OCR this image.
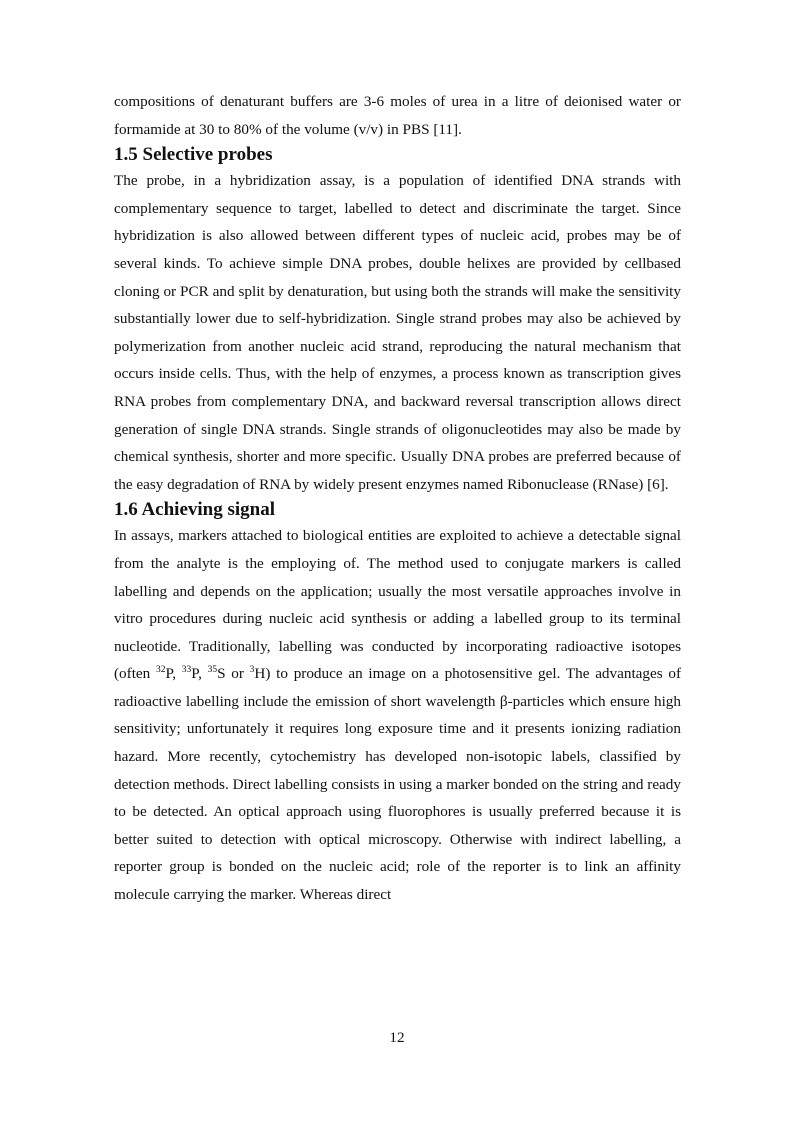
compositions of denaturant buffers are 3-6 moles of urea in a litre of deionised water or formamide at 30 to 80% of the volume (v/v) in PBS [11].

1.5 Selective probes

The probe, in a hybridization assay, is a population of identified DNA strands with complementary sequence to target, labelled to detect and discriminate the target. Since hybridization is also allowed between different types of nucleic acid, probes may be of several kinds. To achieve simple DNA probes, double helixes are provided by cellbased cloning or PCR and split by denaturation, but using both the strands will make the sensitivity substantially lower due to self-hybridization. Single strand probes may also be achieved by polymerization from another nucleic acid strand, reproducing the natural mechanism that occurs inside cells. Thus, with the help of enzymes, a process known as transcription gives RNA probes from complementary DNA, and backward reversal transcription allows direct generation of single DNA strands. Single strands of oligonucleotides may also be made by chemical synthesis, shorter and more specific. Usually DNA probes are preferred because of the easy degradation of RNA by widely present enzymes named Ribonuclease (RNase) [6].

1.6 Achieving signal

In assays, markers attached to biological entities are exploited to achieve a detectable signal from the analyte is the employing of. The method used to conjugate markers is called labelling and depends on the application; usually the most versatile approaches involve in vitro procedures during nucleic acid synthesis or adding a labelled group to its terminal nucleotide. Traditionally, labelling was conducted by incorporating radioactive isotopes (often $^{32}$P, $^{33}$P, $^{35}$S or $^3$H) to produce an image on a photosensitive gel. The advantages of radioactive labelling include the emission of short wavelength β-particles which ensure high sensitivity; unfortunately it requires long exposure time and it presents ionizing radiation hazard. More recently, cytochemistry has developed non-isotopic labels, classified by detection methods. Direct labelling consists in using a marker bonded on the string and ready to be detected. An optical approach using fluorophores is usually preferred because it is better suited to detection with optical microscopy. Otherwise with indirect labelling, a reporter group is bonded on the nucleic acid; role of the reporter is to link an affinity molecule carrying the marker. Whereas direct

12
